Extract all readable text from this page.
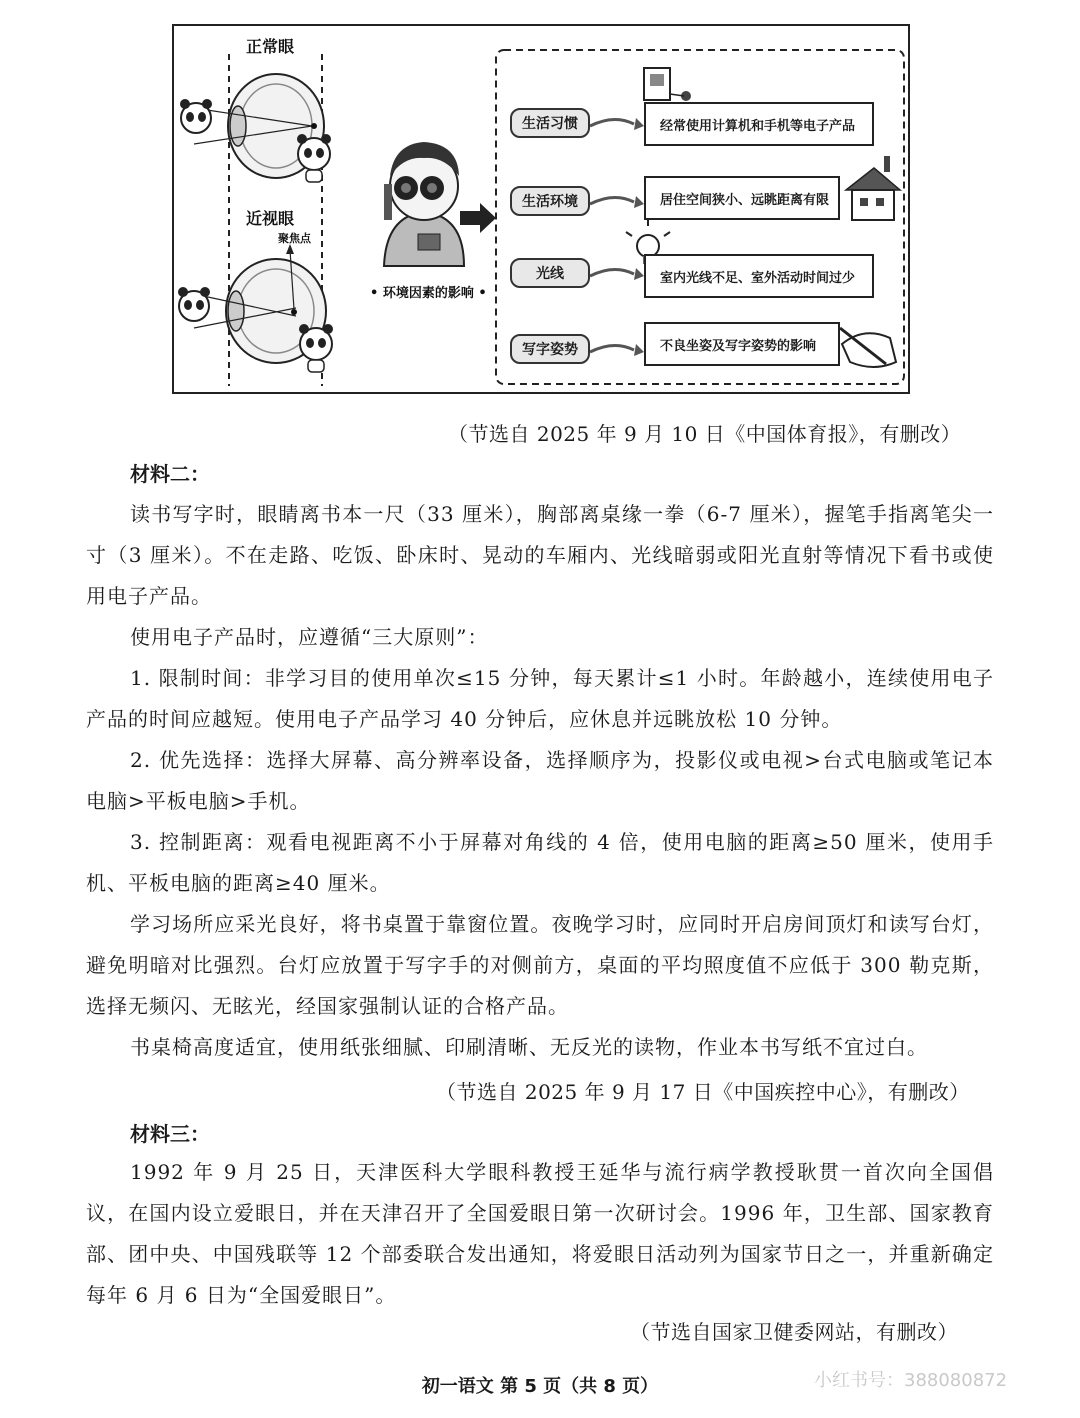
正常眼
近视眼
聚焦点
• 环境因素的影响 •
生活习惯
生活环境
光线
写字姿势
经常使用计算机和手机等电子产品
居住空间狭小、远眺距离有限
室内光线不足、室外活动时间过少
不良坐姿及写字姿势的影响
（节选自 2025 年 9 月 10 日《中国体育报》，有删改）
材料二：
读书写字时，眼睛离书本一尺（33 厘米），胸部离桌缘一拳（6-7 厘米），握笔手指离笔尖一寸（3 厘米）。不在走路、吃饭、卧床时、晃动的车厢内、光线暗弱或阳光直射等情况下看书或使用电子产品。
使用电子产品时，应遵循“三大原则”：
1. 限制时间：非学习目的使用单次≤15 分钟，每天累计≤1 小时。年龄越小，连续使用电子产品的时间应越短。使用电子产品学习 40 分钟后，应休息并远眺放松 10 分钟。
2. 优先选择：选择大屏幕、高分辨率设备，选择顺序为，投影仪或电视>台式电脑或笔记本电脑>平板电脑>手机。
3. 控制距离：观看电视距离不小于屏幕对角线的 4 倍，使用电脑的距离≥50 厘米，使用手机、平板电脑的距离≥40 厘米。
学习场所应采光良好，将书桌置于靠窗位置。夜晚学习时，应同时开启房间顶灯和读写台灯，避免明暗对比强烈。台灯应放置于写字手的对侧前方，桌面的平均照度值不应低于 300 勒克斯，选择无频闪、无眩光，经国家强制认证的合格产品。
书桌椅高度适宜，使用纸张细腻、印刷清晰、无反光的读物，作业本书写纸不宜过白。
（节选自 2025 年 9 月 17 日《中国疾控中心》，有删改）
材料三：
1992 年 9 月 25 日，天津医科大学眼科教授王延华与流行病学教授耿贯一首次向全国倡议，在国内设立爱眼日，并在天津召开了全国爱眼日第一次研讨会。1996 年，卫生部、国家教育部、团中央、中国残联等 12 个部委联合发出通知，将爱眼日活动列为国家节日之一，并重新确定每年 6 月 6 日为“全国爱眼日”。
（节选自国家卫健委网站，有删改）
初一语文 第 5 页（共 8 页）	小红书号：388080872
